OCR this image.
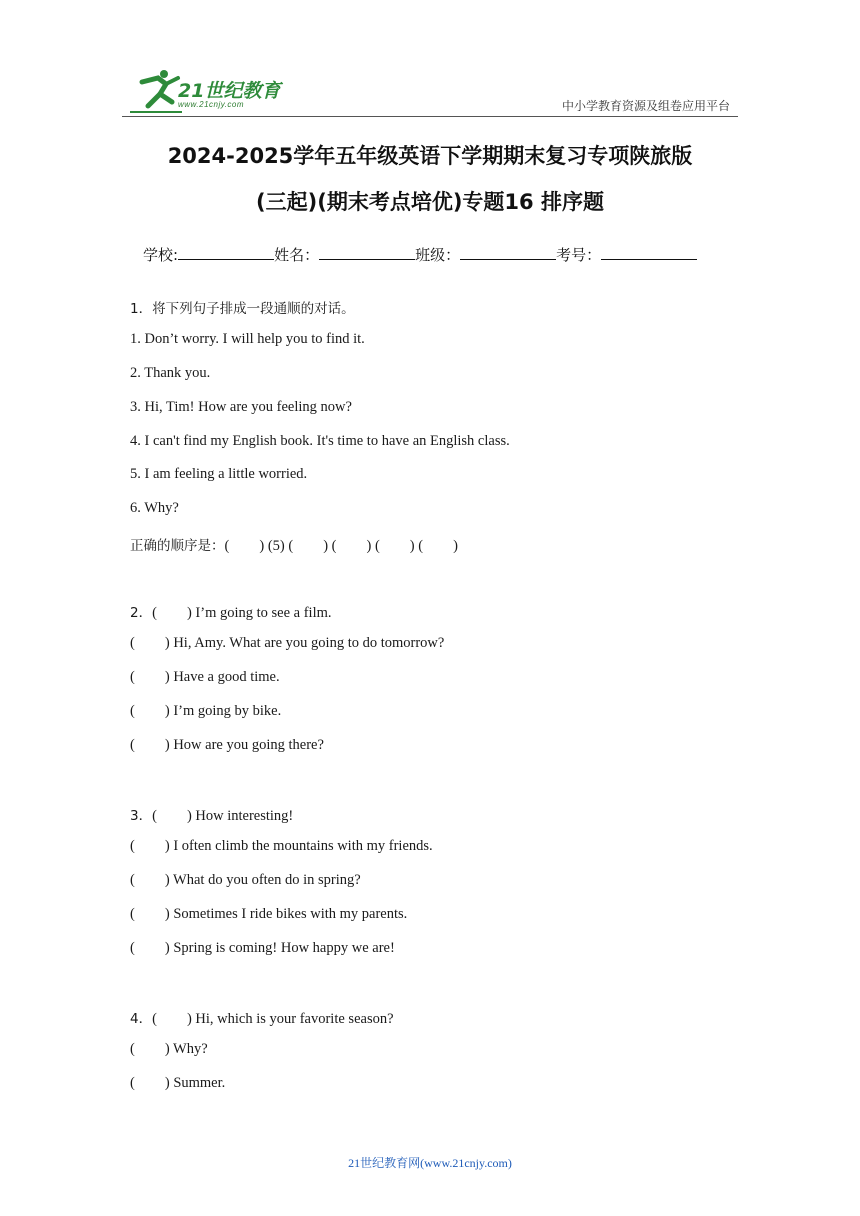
21世纪教育
www.21cnjy.com	中小学教育资源及组卷应用平台
2024-2025学年五年级英语下学期期末复习专项陕旅版
(三起)(期末考点培优)专题16 排序题
学校:	姓名：	班级：	考号：
1．将下列句子排成一段通顺的对话。
1. Don’t worry. I will help you to find it.
2. Thank you.
3. Hi, Tim! How are you feeling now?
4. I can't find my English book. It's time to have an English class.
5. I am feeling a little worried.
6. Why?
正确的顺序是：( ) (5) ( ) ( ) ( ) ( )
2．( ) I’m going to see a film.
( ) Hi, Amy. What are you going to do tomorrow?
( ) Have a good time.
( ) I’m going by bike.
( ) How are you going there?
3．( ) How interesting!
( ) I often climb the mountains with my friends.
( ) What do you often do in spring?
( ) Sometimes I ride bikes with my parents.
( ) Spring is coming! How happy we are!
4．( ) Hi, which is your favorite season?
( ) Why?
( ) Summer.
21世纪教育网(www.21cnjy.com)
